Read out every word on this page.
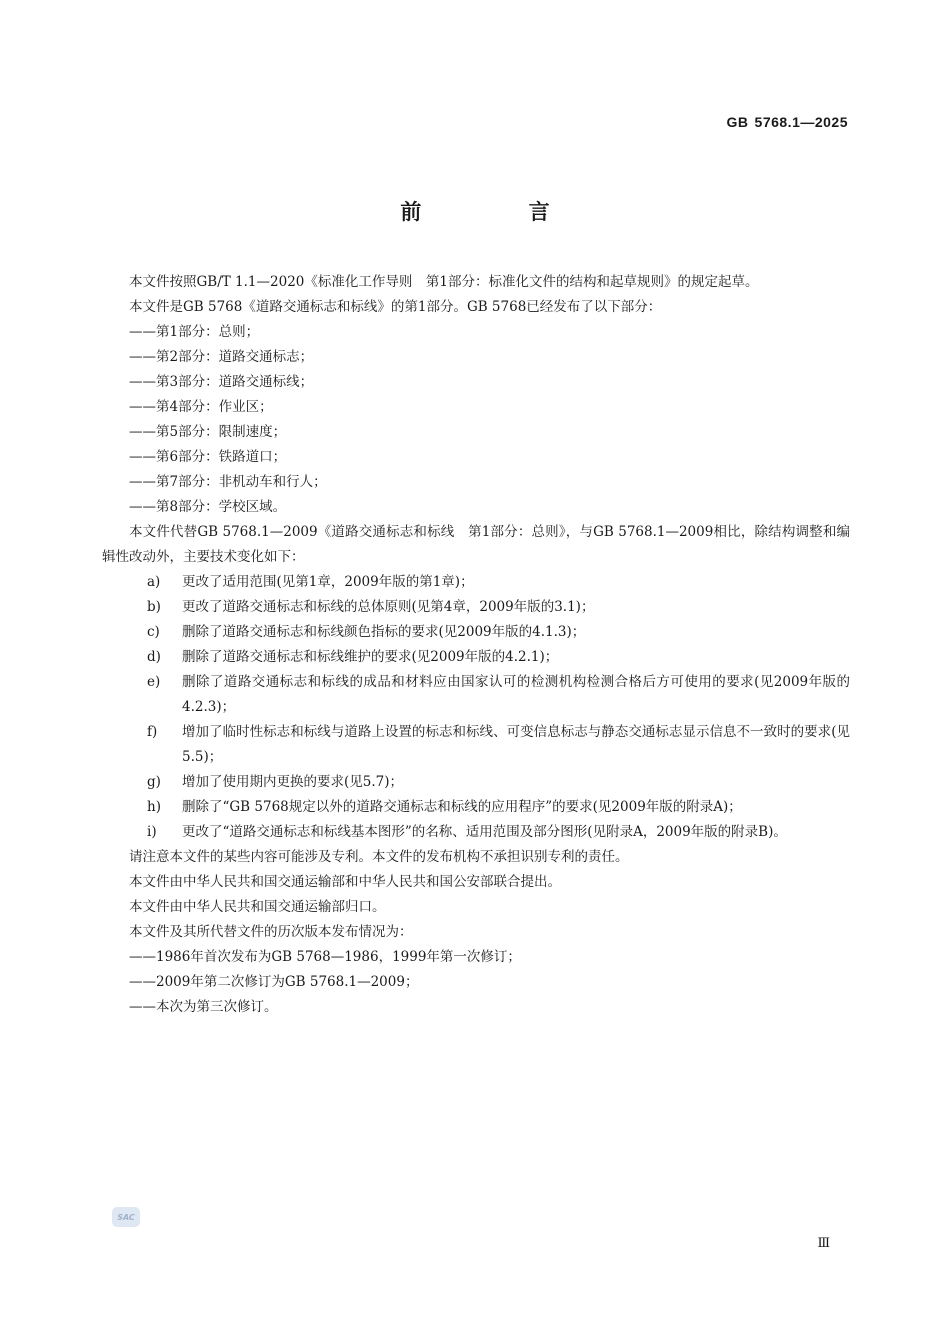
GB 5768.1—2025
前 言

本文件按照GB/T 1.1—2020《标准化工作导则　第1部分：标准化文件的结构和起草规则》的规定起草。

本文件是GB 5768《道路交通标志和标线》的第1部分。GB 5768已经发布了以下部分：

——第1部分：总则；

——第2部分：道路交通标志；

——第3部分：道路交通标线；

——第4部分：作业区；

——第5部分：限制速度；

——第6部分：铁路道口；

——第7部分：非机动车和行人；

——第8部分：学校区域。

本文件代替GB 5768.1—2009《道路交通标志和标线　第1部分：总则》，与GB 5768.1—2009相比，除结构调整和编辑性改动外，主要技术变化如下：

a) 更改了适用范围(见第1章，2009年版的第1章)；

b) 更改了道路交通标志和标线的总体原则(见第4章，2009年版的3.1)；

c) 删除了道路交通标志和标线颜色指标的要求(见2009年版的4.1.3)；

d) 删除了道路交通标志和标线维护的要求(见2009年版的4.2.1)；

e) 删除了道路交通标志和标线的成品和材料应由国家认可的检测机构检测合格后方可使用的要求(见2009年版的4.2.3)；

f) 增加了临时性标志和标线与道路上设置的标志和标线、可变信息标志与静态交通标志显示信息不一致时的要求(见5.5)；

g) 增加了使用期内更换的要求(见5.7)；

h) 删除了“GB 5768规定以外的道路交通标志和标线的应用程序”的要求(见2009年版的附录A)；

i) 更改了“道路交通标志和标线基本图形”的名称、适用范围及部分图形(见附录A，2009年版的附录B)。

请注意本文件的某些内容可能涉及专利。本文件的发布机构不承担识别专利的责任。

本文件由中华人民共和国交通运输部和中华人民共和国公安部联合提出。

本文件由中华人民共和国交通运输部归口。

本文件及其所代替文件的历次版本发布情况为：

——1986年首次发布为GB 5768—1986，1999年第一次修订；

——2009年第二次修订为GB 5768.1—2009；

——本次为第三次修订。

SAC
Ⅲ
